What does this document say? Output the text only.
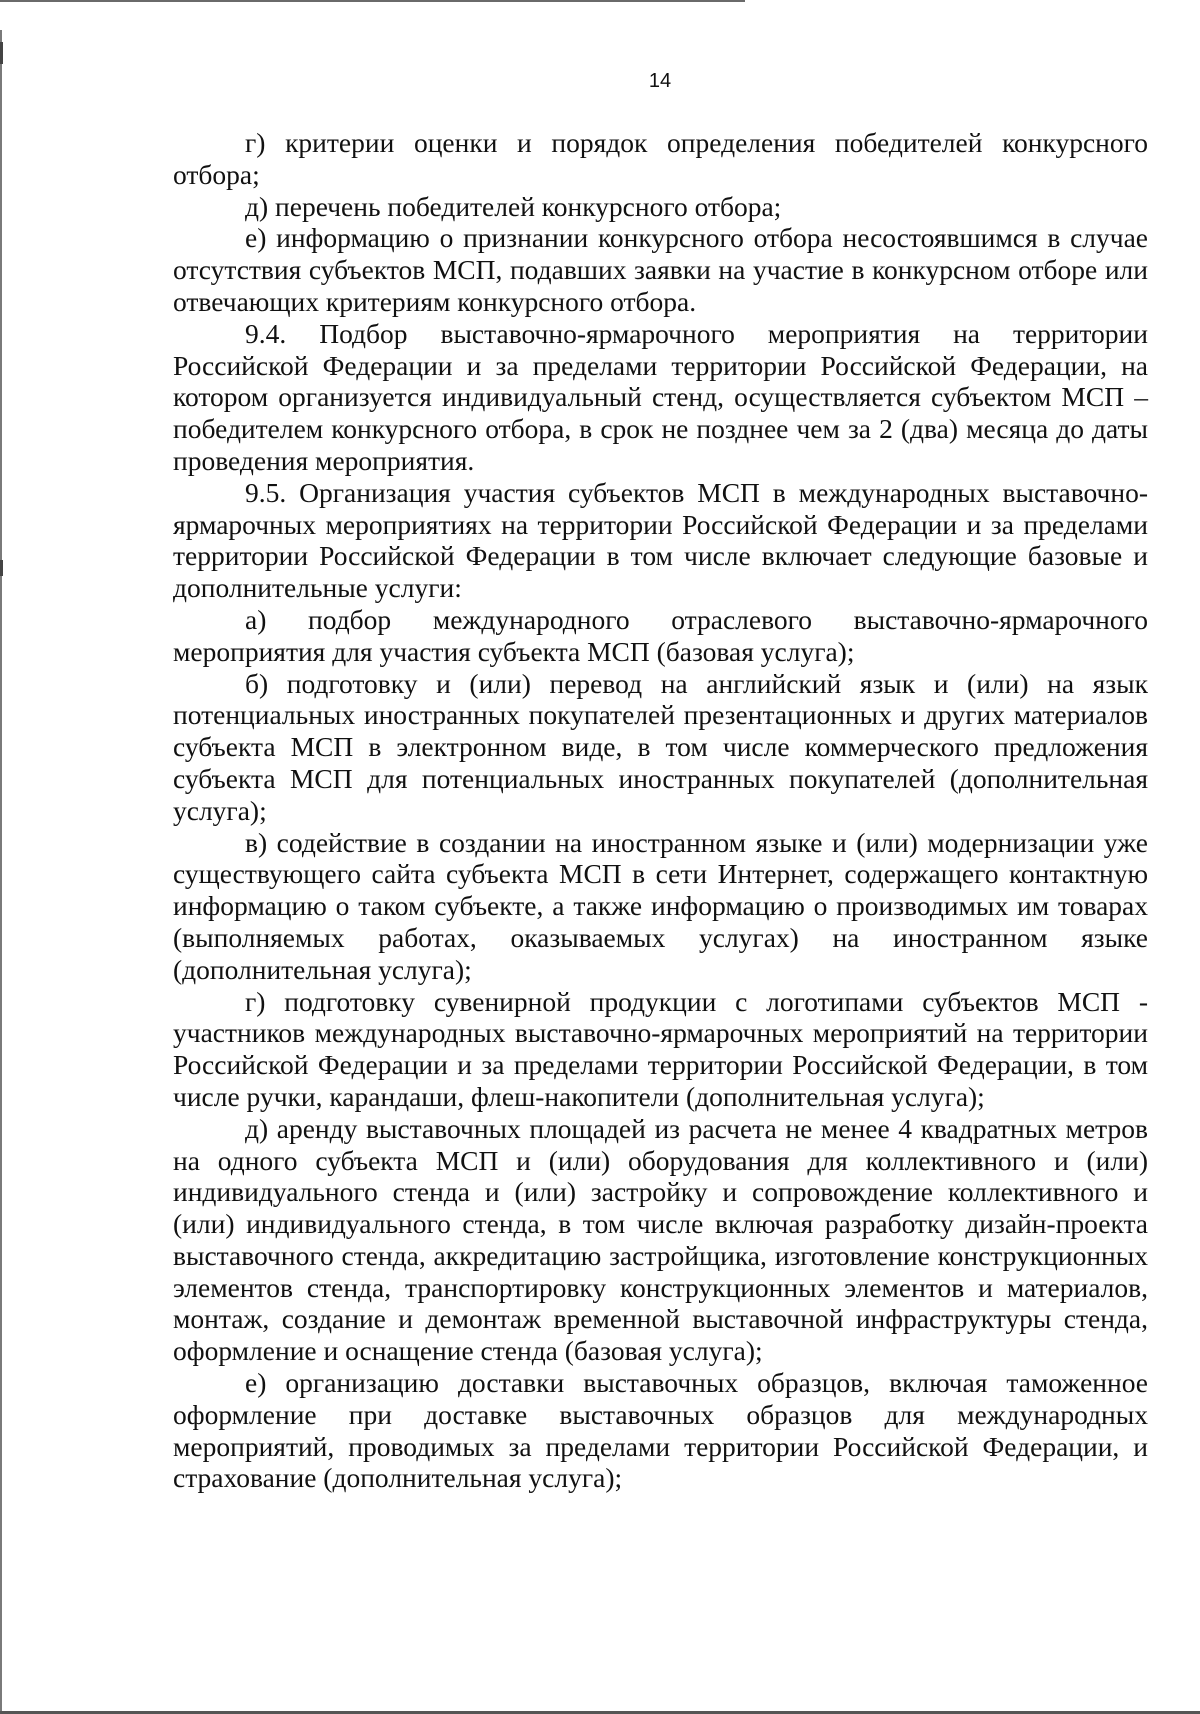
14

г) критерии оценки и порядок определения победителей конкурсного отбора;

д) перечень победителей конкурсного отбора;

е) информацию о признании конкурсного отбора несостоявшимся в случае отсутствия субъектов МСП, подавших заявки на участие в конкурсном отборе или отвечающих критериям конкурсного отбора.

9.4. Подбор выставочно-ярмарочного мероприятия на территории Российской Федерации и за пределами территории Российской Федерации, на котором организуется индивидуальный стенд, осуществляется субъектом МСП – победителем конкурсного отбора, в срок не позднее чем за 2 (два) месяца до даты проведения мероприятия.

9.5. Организация участия субъектов МСП в международных выставочно-ярмарочных мероприятиях на территории Российской Федерации и за пределами территории Российской Федерации в том числе включает следующие базовые и дополнительные услуги:

а) подбор международного отраслевого выставочно-ярмарочного мероприятия для участия субъекта МСП (базовая услуга);

б) подготовку и (или) перевод на английский язык и (или) на язык потенциальных иностранных покупателей презентационных и других материалов субъекта МСП в электронном виде, в том числе коммерческого предложения субъекта МСП для потенциальных иностранных покупателей (дополнительная услуга);

в) содействие в создании на иностранном языке и (или) модернизации уже существующего сайта субъекта МСП в сети Интернет, содержащего контактную информацию о таком субъекте, а также информацию о производимых им товарах (выполняемых работах, оказываемых услугах) на иностранном языке (дополнительная услуга);

г) подготовку сувенирной продукции с логотипами субъектов МСП - участников международных выставочно-ярмарочных мероприятий на территории Российской Федерации и за пределами территории Российской Федерации, в том числе ручки, карандаши, флеш-накопители (дополнительная услуга);

д) аренду выставочных площадей из расчета не менее 4 квадратных метров на одного субъекта МСП и (или) оборудования для коллективного и (или) индивидуального стенда и (или) застройку и сопровождение коллективного и (или) индивидуального стенда, в том числе включая разработку дизайн-проекта выставочного стенда, аккредитацию застройщика, изготовление конструкционных элементов стенда, транспортировку конструкционных элементов и материалов, монтаж, создание и демонтаж временной выставочной инфраструктуры стенда, оформление и оснащение стенда (базовая услуга);

е) организацию доставки выставочных образцов, включая таможенное оформление при доставке выставочных образцов для международных мероприятий, проводимых за пределами территории Российской Федерации, и страхование (дополнительная услуга);
